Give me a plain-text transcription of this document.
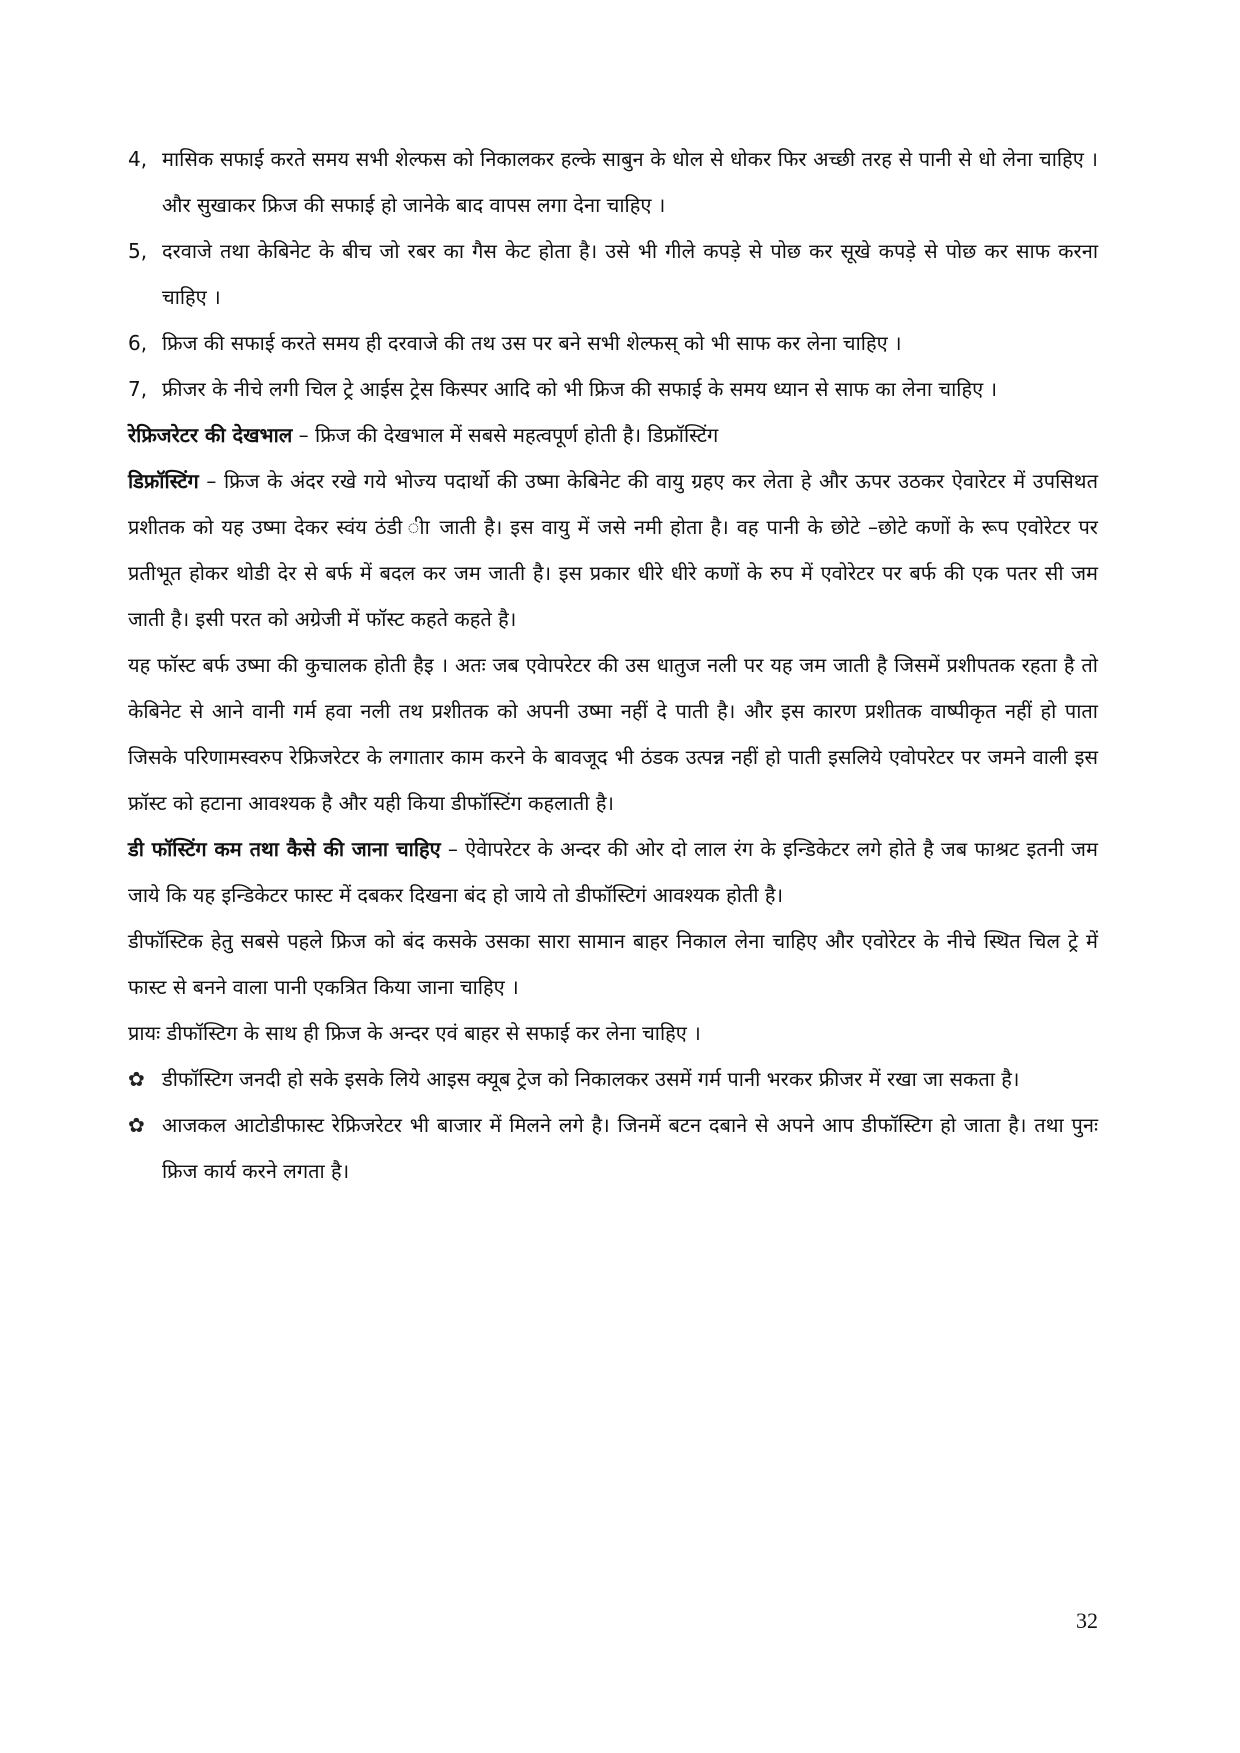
4, मासिक सफाई करते समय सभी शेल्फस को निकालकर हल्के साबुन के धोल से धोकर फिर अच्छी तरह से पानी से धो लेना चाहिए । और सुखाकर फ्रिज की सफाई हो जानेके बाद वापस लगा देना चाहिए ।
5, दरवाजे तथा केबिनेट के बीच जो रबर का गैस केट होता है। उसे भी गीले कपड़े से पोछ कर सूखे कपड़े से पोछ कर साफ करना चाहिए ।
6, फ्रिज की सफाई करते समय ही दरवाजे की तथ उस पर बने सभी शेल्फस् को भी साफ कर लेना चाहिए ।
7, फ्रीजर के नीचे लगी चिल ट्रे आईस ट्रेस किस्पर आदि को भी फ्रिज की सफाई के समय ध्यान से साफ का लेना चाहिए ।

रेफ्रिजरेटर की देखभाल – फ्रिज की देखभाल में सबसे महत्वपूर्ण होती है। डिफ्रॉस्टिंग

डिफ्रॉस्टिंग – फ्रिज के अंदर रखे गये भोज्य पदार्थो की उष्मा केबिनेट की वायु ग्रहए कर लेता हे और ऊपर उठकर ऐवारेटर में उपसिथत प्रशीतक को यह उष्मा देकर स्वंय ठंडी ीा जाती है। इस वायु में जसे नमी होता है। वह पानी के छोटे –छोटे कणों के रूप एवोरेटर पर प्रतीभूत होकर थोडी देर से बर्फ में बदल कर जम जाती है। इस प्रकार धीरे धीरे कणों के रुप में एवोरेटर पर बर्फ की एक पतर सी जम जाती है। इसी परत को अग्रेजी में फॉस्ट कहते कहते है।

यह फॉस्ट बर्फ उष्मा की कुचालक होती हैइ । अतः जब एवेापरेटर की उस धातुज नली पर यह जम जाती है जिसमें प्रशीपतक रहता है तो केबिनेट से आने वानी गर्म हवा नली तथ प्रशीतक को अपनी उष्मा नहीं दे पाती है। और इस कारण प्रशीतक वाष्पीकृत नहीं हो पाता जिसके परिणामस्वरुप रेफ्रिजरेटर के लगातार काम करने के बावजूद भी ठंडक उत्पन्न नहीं हो पाती इसलिये एवोपरेटर पर जमने वाली इस फ्रॉस्ट को हटाना आवश्यक है और यही किया डीफॉस्टिंग कहलाती है।

डी फॉस्टिंग कम तथा कैसे की जाना चाहिए – ऐवेापरेटर के अन्दर की ओर दो लाल रंग के इन्डिकेटर लगे होते है जब फाश्रट इतनी जम जाये कि यह इन्डिकेटर फास्ट में दबकर दिखना बंद हो जाये तो डीफॉस्टिगं आवश्यक होती है।

डीफॉस्टिक हेतु सबसे पहले फ्रिज को बंद कसके उसका सारा सामान बाहर निकाल लेना चाहिए और एवोरेटर के नीचे स्थित चिल ट्रे में फास्ट से बनने वाला पानी एकत्रित किया जाना चाहिए ।

प्रायः डीफॉस्टिग के साथ ही फ्रिज के अन्दर एवं बाहर से सफाई कर लेना चाहिए ।

✿ डीफॉस्टिग जनदी हो सके इसके लिये आइस क्यूब ट्रेज को निकालकर उसमें गर्म पानी भरकर फ्रीजर में रखा जा सकता है।
✿ आजकल आटोडीफास्ट रेफ्रिजरेटर भी बाजार में मिलने लगे है। जिनमें बटन दबाने से अपने आप डीफॉस्टिग हो जाता है। तथा पुनः फ्रिज कार्य करने लगता है।
32
